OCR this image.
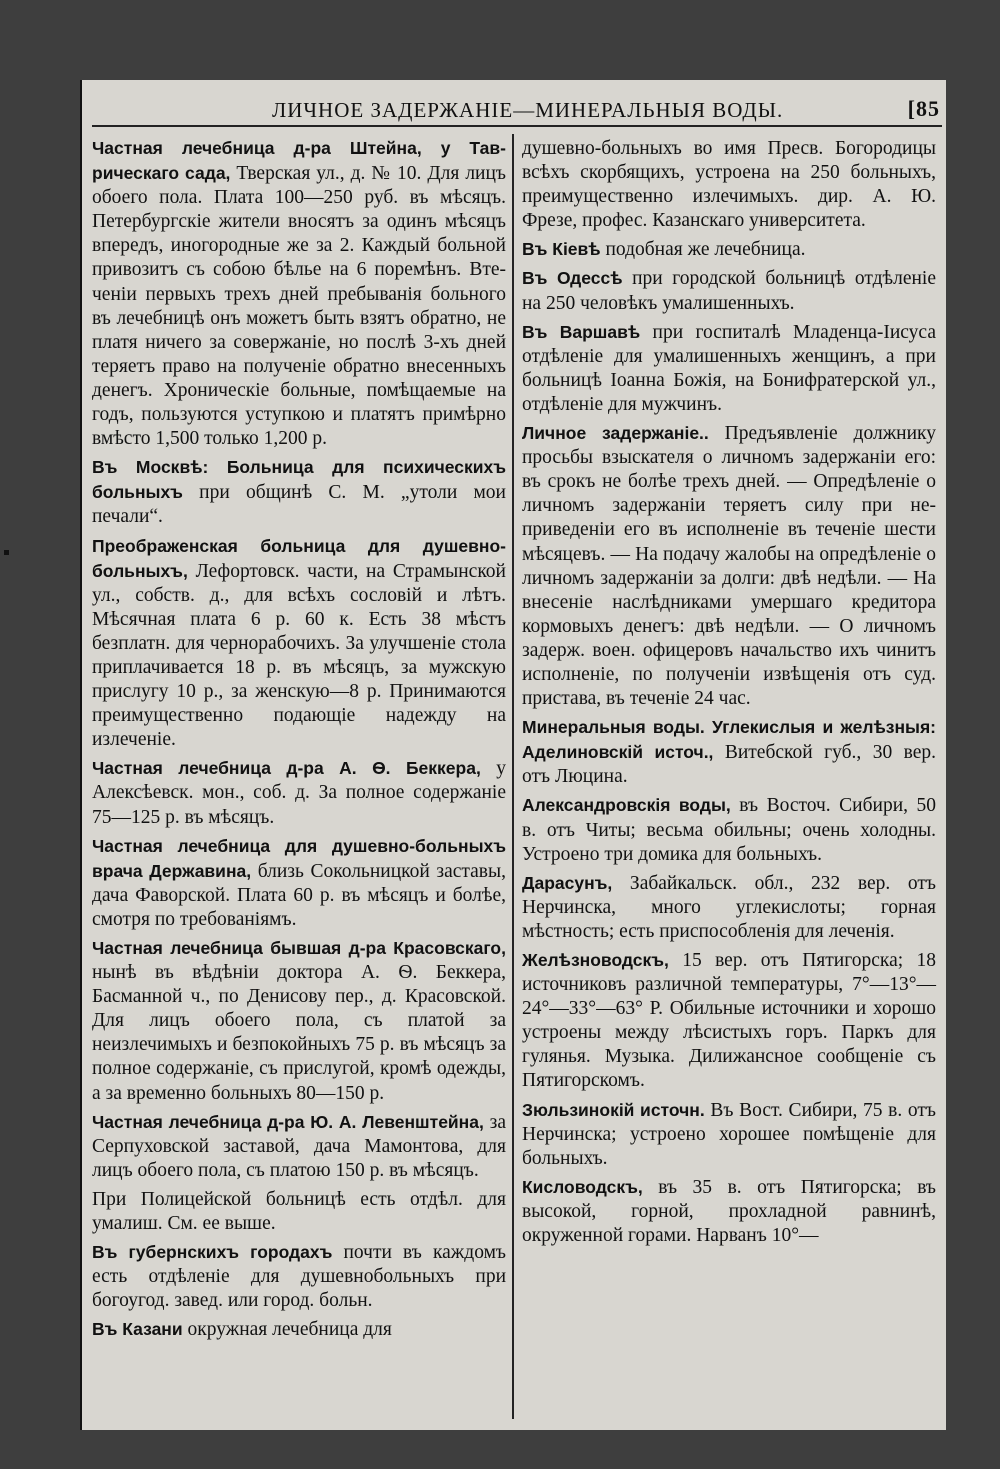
ЛИЧНОЕ ЗАДЕРЖАНІЕ—МИНЕРАЛЬНЫЯ ВОДЫ.	[85

Частная лечебница д-ра Штейна, у Таврическаго сада, Тверская ул., д. № 10. Для лицъ обоего пола. Плата 100—250 руб. въ мѣсяцъ. Петербургскіе жители вносятъ за одинъ мѣсяцъ впередъ, иногородные же за 2. Каждый больной привозитъ съ собою бѣлье на 6 поремѣнъ. Втеченіи первыхъ трехъ дней пребыванія больного въ лечебницѣ онъ можетъ быть взятъ обратно, не платя ничего за совержаніе, но послѣ 3-хъ дней теряетъ право на полученіе обратно внесенныхъ денегъ. Хроническіе больные, помѣщаемые на годъ, пользуются уступкою и платятъ примѣрно вмѣсто 1,500 только 1,200 р.

Въ Москвѣ: Больница для психическихъ больныхъ при общинѣ С. М. „утоли мои печали“.

Преображенская больница для душевнобольныхъ, Лефортовск. части, на Страмынской ул., собств. д., для всѣхъ сословій и лѣтъ. Мѣсячная плата 6 р. 60 к. Есть 38 мѣстъ безплатн. для чернорабочихъ. За улучшеніе стола приплачивается 18 р. въ мѣсяцъ, за мужскую прислугу 10 р., за женскую—8 р. Принимаются преимущественно подающіе надежду на излеченіе.

Частная лечебница д-ра А. Ѳ. Беккера, у Алексѣевск. мон., соб. д. За полное содержаніе 75—125 р. въ мѣсяцъ.

Частная лечебница для душевно-больныхъ врача Державина, близь Сокольницкой заставы, дача Фаворской. Плата 60 р. въ мѣсяцъ и болѣе, смотря по требованіямъ.

Частная лечебница бывшая д-ра Красовскаго, нынѣ въ вѣдѣніи доктора А. Ѳ. Беккера, Басманной ч., по Денисову пер., д. Красовской. Для лицъ обоего пола, съ платой за неизлечимыхъ и безпокойныхъ 75 р. въ мѣсяцъ за полное содержаніе, съ прислугой, кромѣ одежды, а за временно больныхъ 80—150 р.

Частная лечебница д-ра Ю. А. Левенштейна, за Серпуховской заставой, дача Мамонтова, для лицъ обоего пола, съ платою 150 р. въ мѣсяцъ.

При Полицейской больницѣ есть отдѣл. для умалиш. См. ее выше.

Въ губернскихъ городахъ почти въ каждомъ есть отдѣленіе для душевнобольныхъ при богоугод. завед. или город. больн.

Въ Казани окружная лечебница для

душевно-больныхъ во имя Пресв. Богородицы всѣхъ скорбящихъ, устроена на 250 больныхъ, преимущественно излечимыхъ. дир. А. Ю. Фрезе, профес. Казанскаго университета.

Въ Кіевѣ подобная же лечебница.

Въ Одессѣ при городской больницѣ отдѣленіе на 250 человѣкъ умалишенныхъ.

Въ Варшавѣ при госпиталѣ Младенца-Іисуса отдѣленіе для умалишенныхъ женщинъ, а при больницѣ Іоанна Божія, на Бонифратерской ул., отдѣленіе для мужчинъ.

Личное задержаніе.. Предъявленіе должнику просьбы взыскателя о личномъ задержаніи его: въ срокъ не болѣе трехъ дней. — Опредѣленіе о личномъ задержаніи теряетъ силу при неприведеніи его въ исполненіе въ теченіе шести мѣсяцевъ. — На подачу жалобы на опредѣленіе о личномъ задержаніи за долги: двѣ недѣли. — На внесеніе наслѣдниками умершаго кредитора кормовыхъ денегъ: двѣ недѣли. — О личномъ задерж. воен. офицеровъ начальство ихъ чинитъ исполненіе, по полученіи извѣщенія отъ суд. пристава, въ теченіе 24 час.

Минеральныя воды. Углекислыя и желѣзныя: Аделиновскій источ., Витебской губ., 30 вер. отъ Люцина.

Александровскія воды, въ Восточ. Сибири, 50 в. отъ Читы; весьма обильны; очень холодны. Устроено три домика для больныхъ.

Дарасунъ, Забайкальск. обл., 232 вер. отъ Нерчинска, много углекислоты; горная мѣстность; есть приспособленія для леченія.

Желѣзноводскъ, 15 вер. отъ Пятигорска; 18 источниковъ различной температуры, 7°—13°—24°—33°—63° Р. Обильные источники и хорошо устроены между лѣсистыхъ горъ. Паркъ для гулянья. Музыка. Дилижансное сообщеніе съ Пятигорскомъ.

Зюльзинокій источн. Въ Вост. Сибири, 75 в. отъ Нерчинска; устроено хорошее помѣщеніе для больныхъ.

Кисловодскъ, въ 35 в. отъ Пятигорска; въ высокой, горной, прохладной равнинѣ, окруженной горами. Нарванъ 10°—
